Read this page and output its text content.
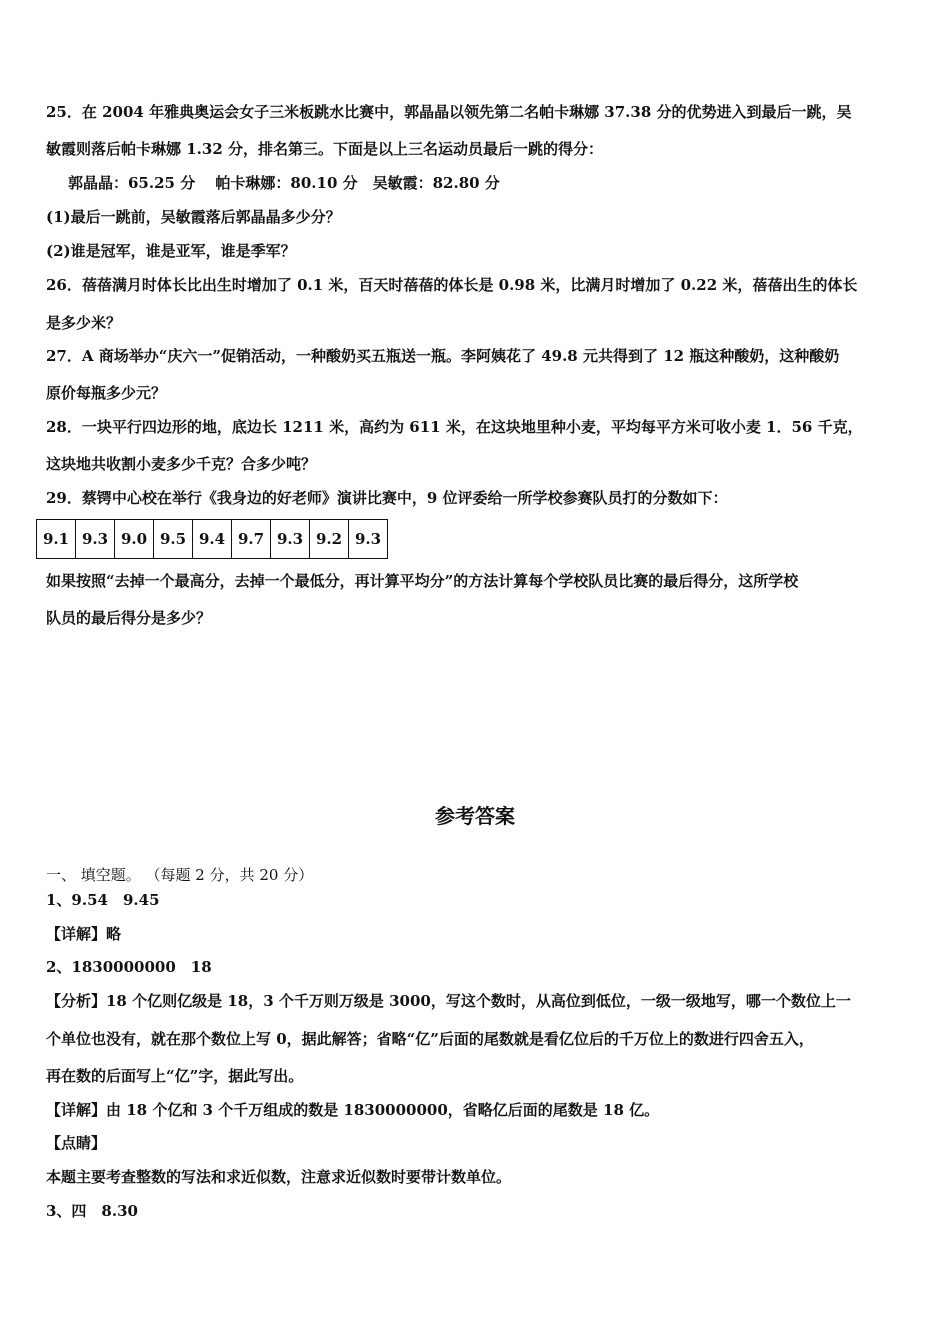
25．在 2004 年雅典奥运会女子三米板跳水比赛中，郭晶晶以领先第二名帕卡琳娜 37.38 分的优势进入到最后一跳，吴
敏霞则落后帕卡琳娜 1.32 分，排名第三。下面是以上三名运动员最后一跳的得分：
郭晶晶：65.25 分　 帕卡琳娜：80.10 分　吴敏霞：82.80 分
(1)最后一跳前，吴敏霞落后郭晶晶多少分？
(2)谁是冠军，谁是亚军，谁是季军？
26．蓓蓓满月时体长比出生时增加了 0.1 米，百天时蓓蓓的体长是 0.98 米，比满月时增加了 0.22 米，蓓蓓出生的体长
是多少米？
27．A 商场举办“庆六一”促销活动，一种酸奶买五瓶送一瓶。李阿姨花了 49.8 元共得到了 12 瓶这种酸奶，这种酸奶
原价每瓶多少元？
28．一块平行四边形的地，底边长 1211 米，高约为 611 米，在这块地里种小麦，平均每平方米可收小麦 1．56 千克，
这块地共收割小麦多少千克？合多少吨？
29．蔡锷中心校在举行《我身边的好老师》演讲比赛中，9 位评委给一所学校参赛队员打的分数如下：
9.1	9.3	9.0	9.5	9.4	9.7	9.3	9.2	9.3
如果按照“去掉一个最高分，去掉一个最低分，再计算平均分”的方法计算每个学校队员比赛的最后得分，这所学校
队员的最后得分是多少？
参考答案
一、 填空题。 （每题 2 分，共 20 分）
1、9.54　9.45
【详解】略
2、1830000000　18
【分析】18 个亿则亿级是 18，3 个千万则万级是 3000，写这个数时，从高位到低位，一级一级地写，哪一个数位上一
个单位也没有，就在那个数位上写 0，据此解答；省略“亿”后面的尾数就是看亿位后的千万位上的数进行四舍五入，
再在数的后面写上“亿”字，据此写出。
【详解】由 18 个亿和 3 个千万组成的数是 1830000000，省略亿后面的尾数是 18 亿。
【点睛】
本题主要考查整数的写法和求近似数，注意求近似数时要带计数单位。
3、四　8.30
